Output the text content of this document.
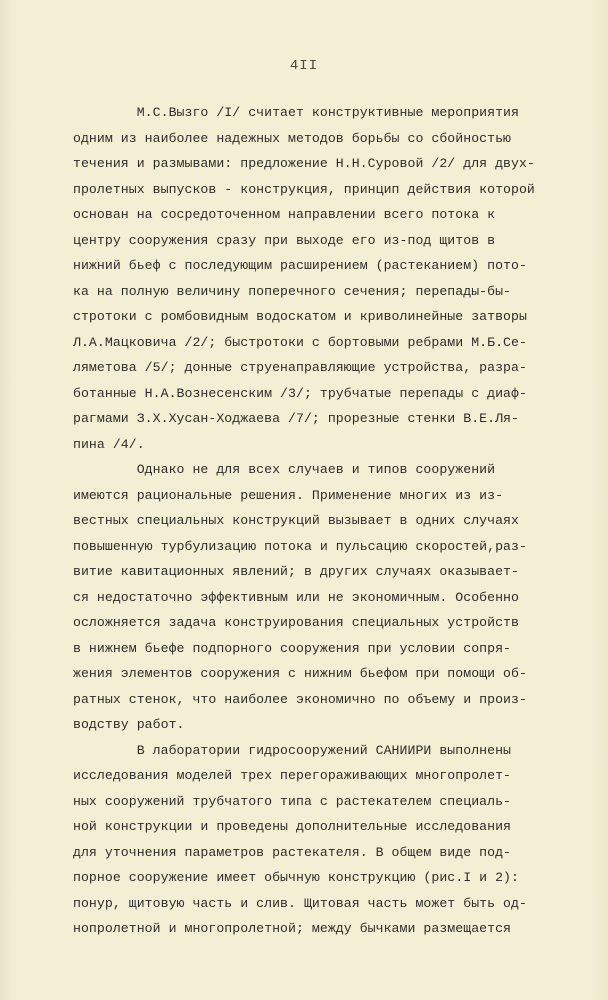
4II
М.С.Вызго /I/ считает конструктивные мероприятия
одним из наиболее надежных методов борьбы со сбойностью
течения и размывами: предложение Н.Н.Суровой /2/ для двух-
пролетных выпусков - конструкция, принцип действия которой
основан на сосредоточенном направлении всего потока к
центру сооружения сразу при выходе его из-под щитов в
нижний бьеф с последующим расширением (растеканием) пото-
ка на полную величину поперечного сечения; перепады-бы-
стротоки с ромбовидным водоскатом и криволинейные затворы
Л.А.Мацковича /2/; быстротоки с бортовыми ребрами М.Б.Се-
ляметова /5/; донные струенаправляющие устройства, разра-
ботанные Н.А.Вознесенским /3/; трубчатые перепады с диаф-
рагмами З.Х.Хусан-Ходжаева /7/; прорезные стенки В.Е.Ля-
пина /4/.
Однако не для всех случаев и типов сооружений
имеются рациональные решения. Применение многих из из-
вестных специальных конструкций вызывает в одних случаях
повышенную турбулизацию потока и пульсацию скоростей,раз-
витие кавитационных явлений; в других случаях оказывает-
ся недостаточно эффективным или не экономичным. Особенно
осложняется задача конструирования специальных устройств
в нижнем бьефе подпорного сооружения при условии сопря-
жения элементов сооружения с нижним бьефом при помощи об-
ратных стенок, что наиболее экономично по объему и произ-
водству работ.
В лаборатории гидросооружений САНИИРИ выполнены
исследования моделей трех перегораживающих многопролет-
ных сооружений трубчатого типа с растекателем специаль-
ной конструкции и проведены дополнительные исследования
для уточнения параметров растекателя. В общем виде под-
порное сооружение имеет обычную конструкцию (рис.I и 2):
понур, щитовую часть и слив. Щитовая часть может быть од-
нопролетной и многопролетной; между бычками размещается
